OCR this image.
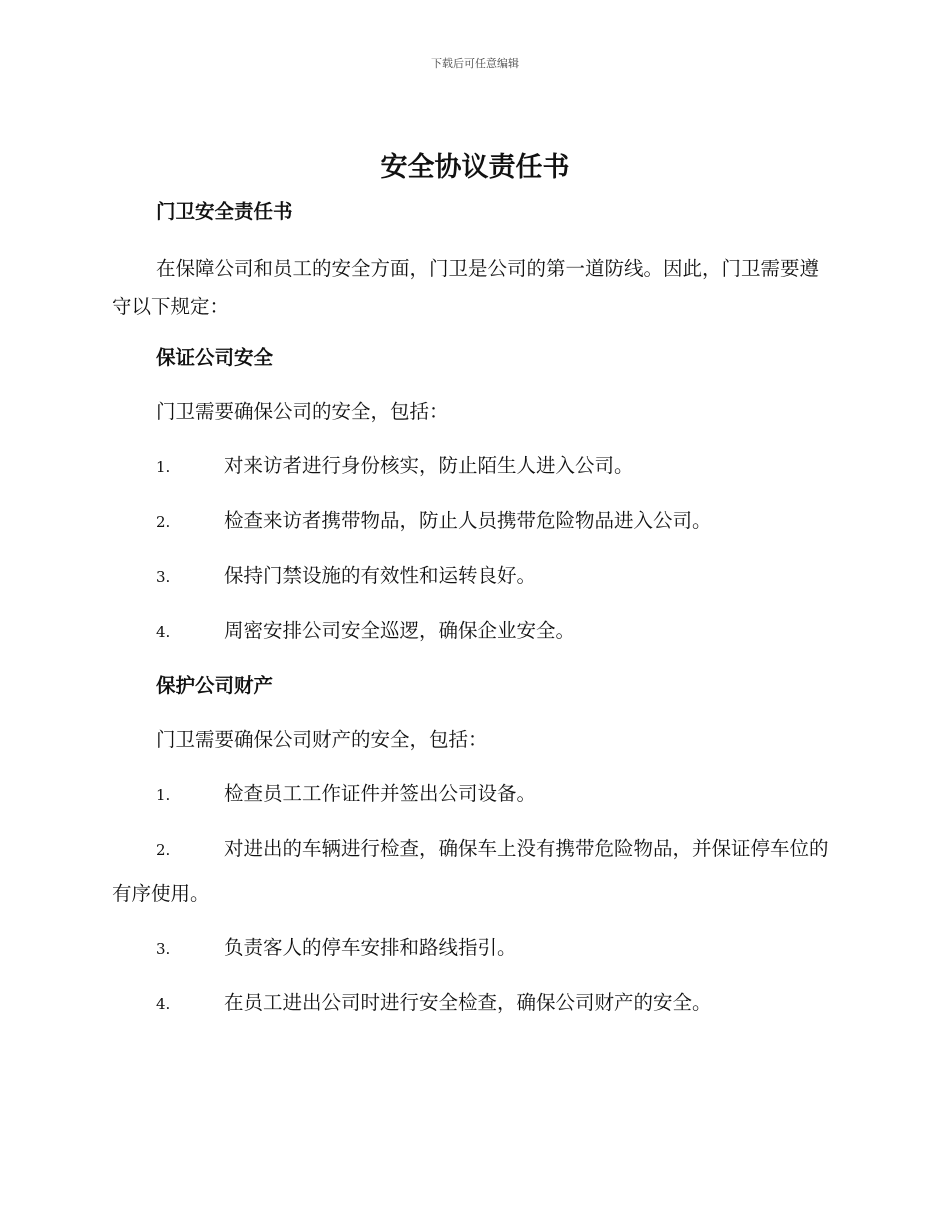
下载后可任意编辑
安全协议责任书
门卫安全责任书

在保障公司和员工的安全方面，门卫是公司的第一道防线。因此，门卫需要遵守以下规定：

保证公司安全

门卫需要确保公司的安全，包括：

1.	对来访者进行身份核实，防止陌生人进入公司。
2.	检查来访者携带物品，防止人员携带危险物品进入公司。
3.	保持门禁设施的有效性和运转良好。
4.	周密安排公司安全巡逻，确保企业安全。
保护公司财产

门卫需要确保公司财产的安全，包括：

1.	检查员工工作证件并签出公司设备。
2.	对进出的车辆进行检查，确保车上没有携带危险物品，并保证停车位的有序使用。
3.	负责客人的停车安排和路线指引。
4.	在员工进出公司时进行安全检查，确保公司财产的安全。
